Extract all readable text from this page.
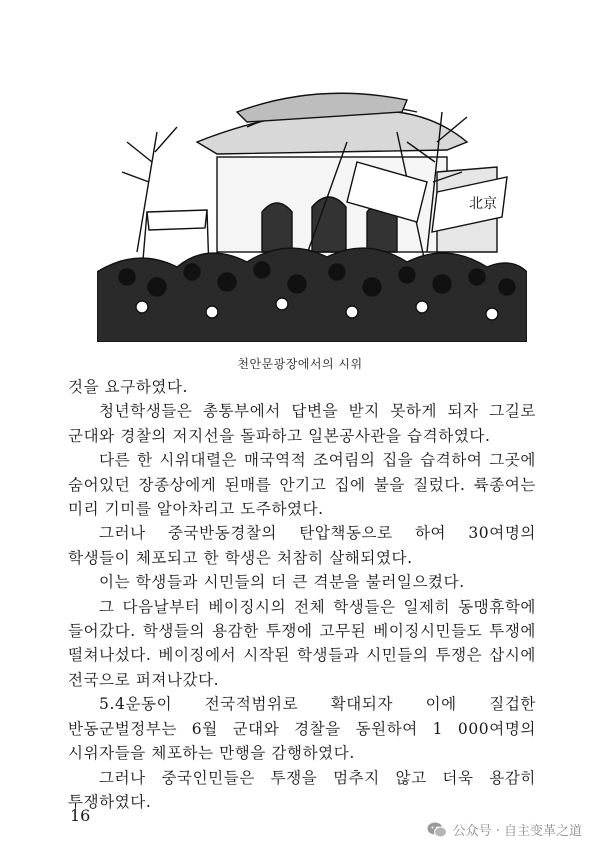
北京
천안문광장에서의 시위

것을 요구하였다.

청년학생들은 총통부에서 답변을 받지 못하게 되자 그길로 군대와 경찰의 저지선을 돌파하고 일본공사관을 습격하였다.

다른 한 시위대렬은 매국역적 조여림의 집을 습격하여 그곳에 숨어있던 장종상에게 된매를 안기고 집에 불을 질렀다. 륙종여는 미리 기미를 알아차리고 도주하였다.

그러나 중국반동경찰의 탄압책동으로 하여 30여명의 학생들이 체포되고 한 학생은 처참히 살해되였다.

이는 학생들과 시민들의 더 큰 격분을 불러일으켰다.

그 다음날부터 베이징시의 전체 학생들은 일제히 동맹휴학에 들어갔다. 학생들의 용감한 투쟁에 고무된 베이징시민들도 투쟁에 떨쳐나섰다. 베이징에서 시작된 학생들과 시민들의 투쟁은 삽시에 전국으로 퍼져나갔다.

5.4운동이 전국적범위로 확대되자 이에 질겁한 반동군벌정부는 6월 군대와 경찰을 동원하여 1 000여명의 시위자들을 체포하는 만행을 감행하였다.

그러나 중국인민들은 투쟁을 멈추지 않고 더욱 용감히 투쟁하였다.

16
公众号 · 自主变革之道
